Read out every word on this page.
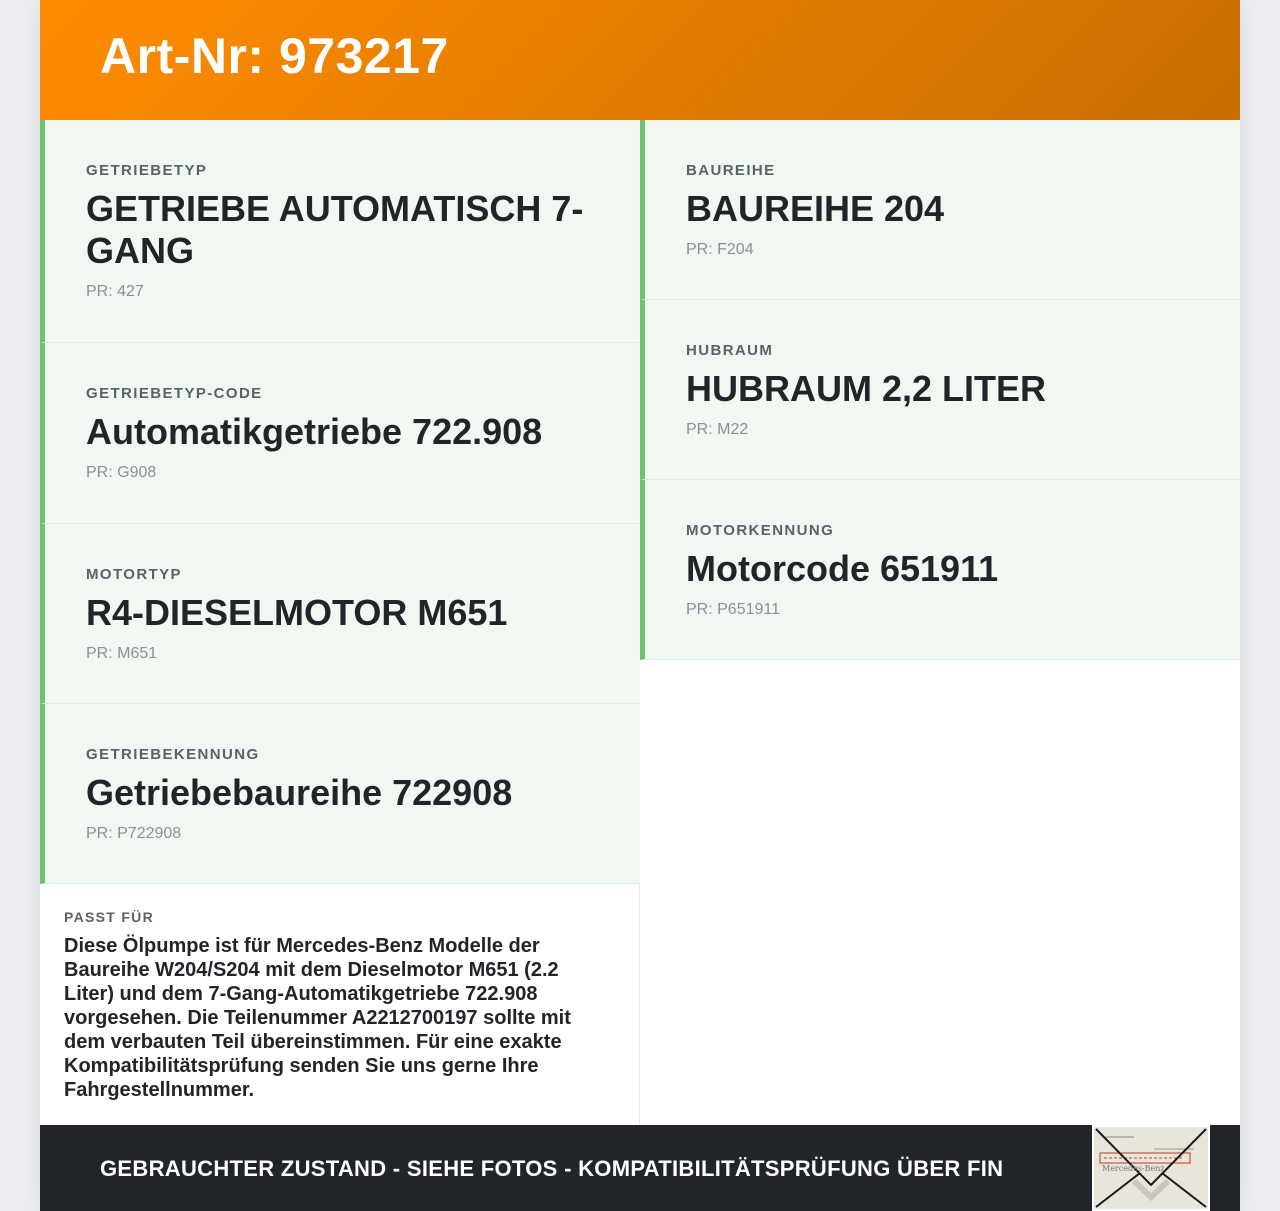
Art-Nr: 973217
GETRIEBETYP
GETRIEBE AUTOMATISCH 7-GANG
PR: 427
GETRIEBETYP-CODE
Automatikgetriebe 722.908
PR: G908
MOTORTYP
R4-DIESELMOTOR M651
PR: M651
GETRIEBEKENNUNG
Getriebebaureihe 722908
PR: P722908
BAUREIHE
BAUREIHE 204
PR: F204
HUBRAUM
HUBRAUM 2,2 LITER
PR: M22
MOTORKENNUNG
Motorcode 651911
PR: P651911
PASST FÜR
Diese Ölpumpe ist für Mercedes-Benz Modelle der Baureihe W204/S204 mit dem Dieselmotor M651 (2.2 Liter) und dem 7-Gang-Automatikgetriebe 722.908 vorgesehen. Die Teilenummer A2212700197 sollte mit dem verbauten Teil übereinstimmen. Für eine exakte Kompatibilitätsprüfung senden Sie uns gerne Ihre Fahrgestellnummer.
GEBRAUCHTER ZUSTAND - SIEHE FOTOS - KOMPATIBILITÄTSPRÜFUNG ÜBER FIN	Mercedes-Benz
